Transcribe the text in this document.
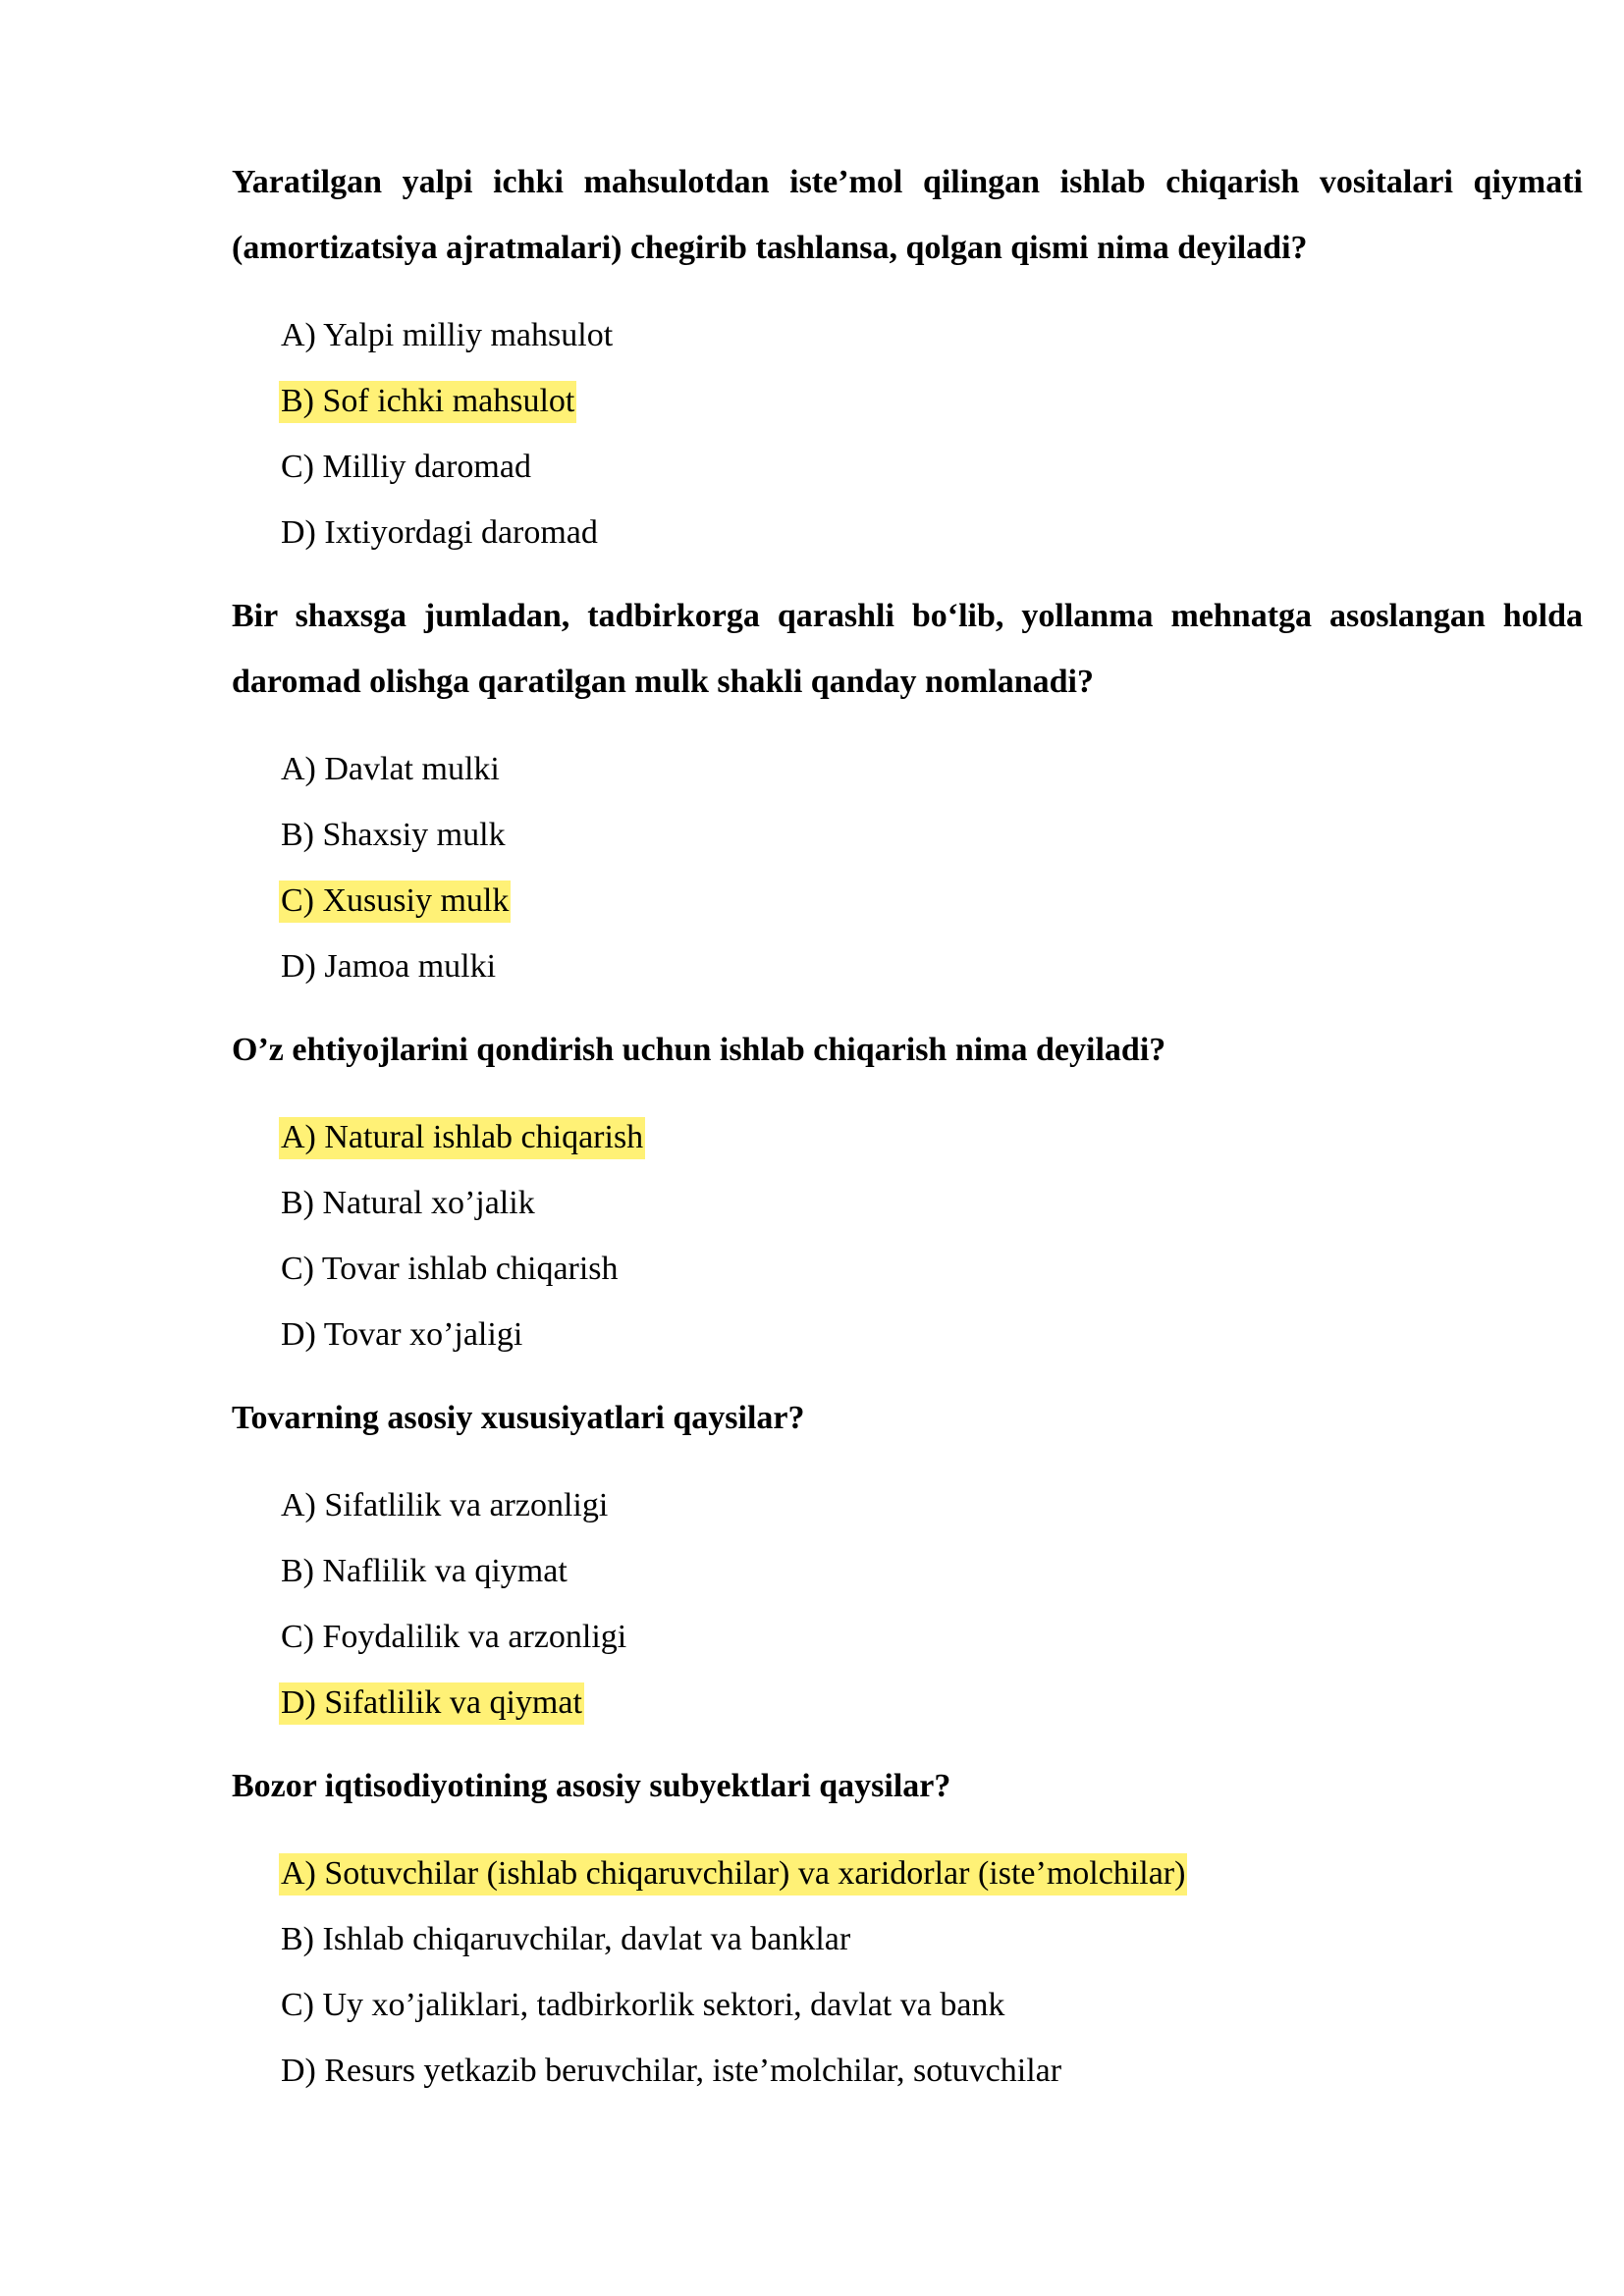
Yaratilgan yalpi ichki mahsulotdan iste’mol qilingan ishlab chiqarish vositalari qiymati (amortizatsiya ajratmalari) chegirib tashlansa, qolgan qismi nima deyiladi?

A) Yalpi milliy mahsulot
B) Sof ichki mahsulot
C) Milliy daromad
D) Ixtiyordagi daromad

Bir shaxsga jumladan, tadbirkorga qarashli bo‘lib, yollanma mehnatga asoslangan holda daromad olishga qaratilgan mulk shakli qanday nomlanadi?

A) Davlat mulki
B) Shaxsiy mulk
C) Xususiy mulk
D) Jamoa mulki

O’z ehtiyojlarini qondirish uchun ishlab chiqarish nima deyiladi?

A) Natural ishlab chiqarish
B) Natural xo’jalik
C) Tovar ishlab chiqarish
D) Tovar xo’jaligi

Tovarning asosiy xususiyatlari qaysilar?

A) Sifatlilik va arzonligi
B) Naflilik va qiymat
C) Foydalilik va arzonligi
D) Sifatlilik va qiymat

Bozor iqtisodiyotining asosiy subyektlari qaysilar?

A) Sotuvchilar (ishlab chiqaruvchilar) va xaridorlar (iste’molchilar)
B) Ishlab chiqaruvchilar, davlat va banklar
C) Uy xo’jaliklari, tadbirkorlik sektori, davlat va bank
D) Resurs yetkazib beruvchilar, iste’molchilar, sotuvchilar
